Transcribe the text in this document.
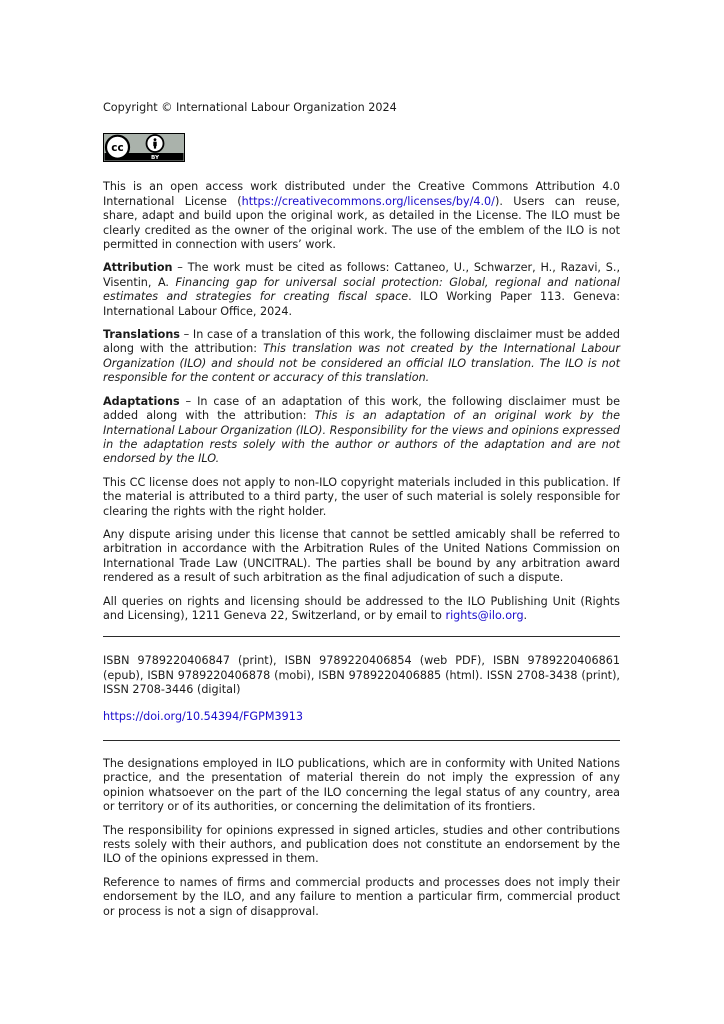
Copyright © International Labour Organization 2024

cc
BY

This is an open access work distributed under the Creative Commons Attribution 4.0 International License (https://creativecommons.org/licenses/by/4.0/). Users can reuse, share, adapt and build upon the original work, as detailed in the License. The ILO must be clearly credited as the owner of the original work. The use of the emblem of the ILO is not permitted in connection with users’ work.

Attribution – The work must be cited as follows: Cattaneo, U., Schwarzer, H., Razavi, S., Visentin, A. Financing gap for universal social protection: Global, regional and national estimates and strategies for creating fiscal space. ILO Working Paper 113. Geneva: International Labour Office, 2024.

Translations – In case of a translation of this work, the following disclaimer must be added along with the attribution: This translation was not created by the International Labour Organization (ILO) and should not be considered an official ILO translation. The ILO is not responsible for the content or accuracy of this translation.

Adaptations – In case of an adaptation of this work, the following disclaimer must be added along with the attribution: This is an adaptation of an original work by the International Labour Organization (ILO). Responsibility for the views and opinions expressed in the adaptation rests solely with the author or authors of the adaptation and are not endorsed by the ILO.

This CC license does not apply to non-ILO copyright materials included in this publication. If the material is attributed to a third party, the user of such material is solely responsible for clearing the rights with the right holder.

Any dispute arising under this license that cannot be settled amicably shall be referred to arbitration in accordance with the Arbitration Rules of the United Nations Commission on International Trade Law (UNCITRAL). The parties shall be bound by any arbitration award rendered as a result of such arbitration as the final adjudication of such a dispute.

All queries on rights and licensing should be addressed to the ILO Publishing Unit (Rights and Licensing), 1211 Geneva 22, Switzerland, or by email to rights@ilo.org.

ISBN 9789220406847 (print), ISBN 9789220406854 (web PDF), ISBN 9789220406861 (epub), ISBN 9789220406878 (mobi), ISBN 9789220406885 (html). ISSN 2708-3438 (print), ISSN 2708-3446 (digital)

https://doi.org/10.54394/FGPM3913

The designations employed in ILO publications, which are in conformity with United Nations practice, and the presentation of material therein do not imply the expression of any opinion whatsoever on the part of the ILO concerning the legal status of any country, area or territory or of its authorities, or concerning the delimitation of its frontiers.

The responsibility for opinions expressed in signed articles, studies and other contributions rests solely with their authors, and publication does not constitute an endorsement by the ILO of the opinions expressed in them.

Reference to names of firms and commercial products and processes does not imply their endorsement by the ILO, and any failure to mention a particular firm, commercial product or process is not a sign of disapproval.
